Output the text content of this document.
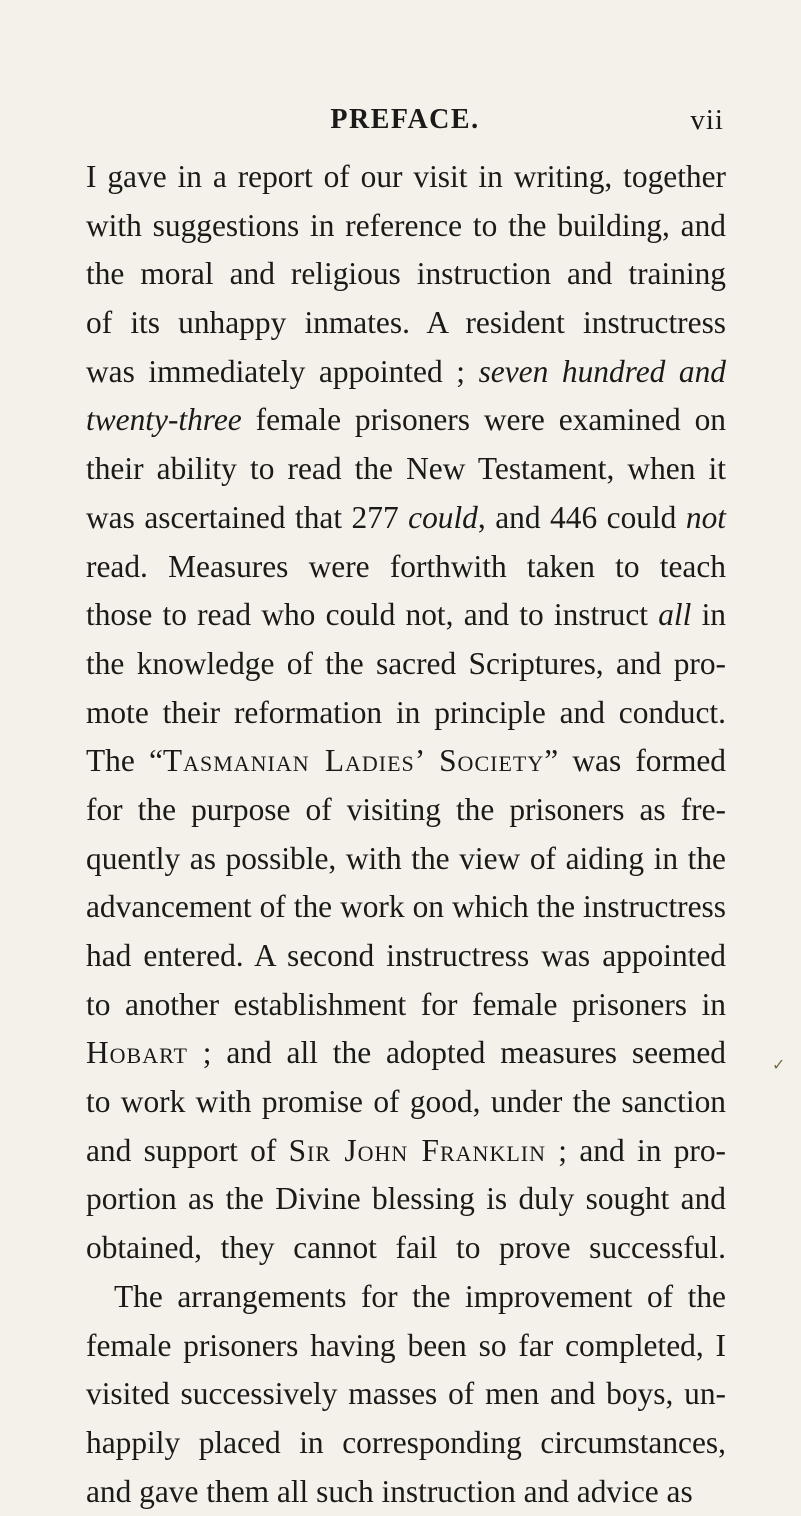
PREFACE.	vii
I gave in a report of our visit in writing, together
with suggestions in reference to the building, and
the moral and religious instruction and training
of its unhappy inmates. A resident instructress
was immediately appointed ; seven hundred and
twenty-three female prisoners were examined on
their ability to read the New Testament, when it
was ascertained that 277 could, and 446 could not
read. Measures were forthwith taken to teach
those to read who could not, and to instruct all in
the knowledge of the sacred Scriptures, and pro-
mote their reformation in principle and conduct.
The “Tasmanian Ladies’ Society” was formed
for the purpose of visiting the prisoners as fre-
quently as possible, with the view of aiding in the
advancement of the work on which the instructress
had entered. A second instructress was appointed
to another establishment for female prisoners in
Hobart ; and all the adopted measures seemed
to work with promise of good, under the sanction
and support of Sir John Franklin ; and in pro-
portion as the Divine blessing is duly sought and
obtained, they cannot fail to prove successful.
The arrangements for the improvement of the
female prisoners having been so far completed, I
visited successively masses of men and boys, un-
happily placed in corresponding circumstances,
and gave them all such instruction and advice as
✓
